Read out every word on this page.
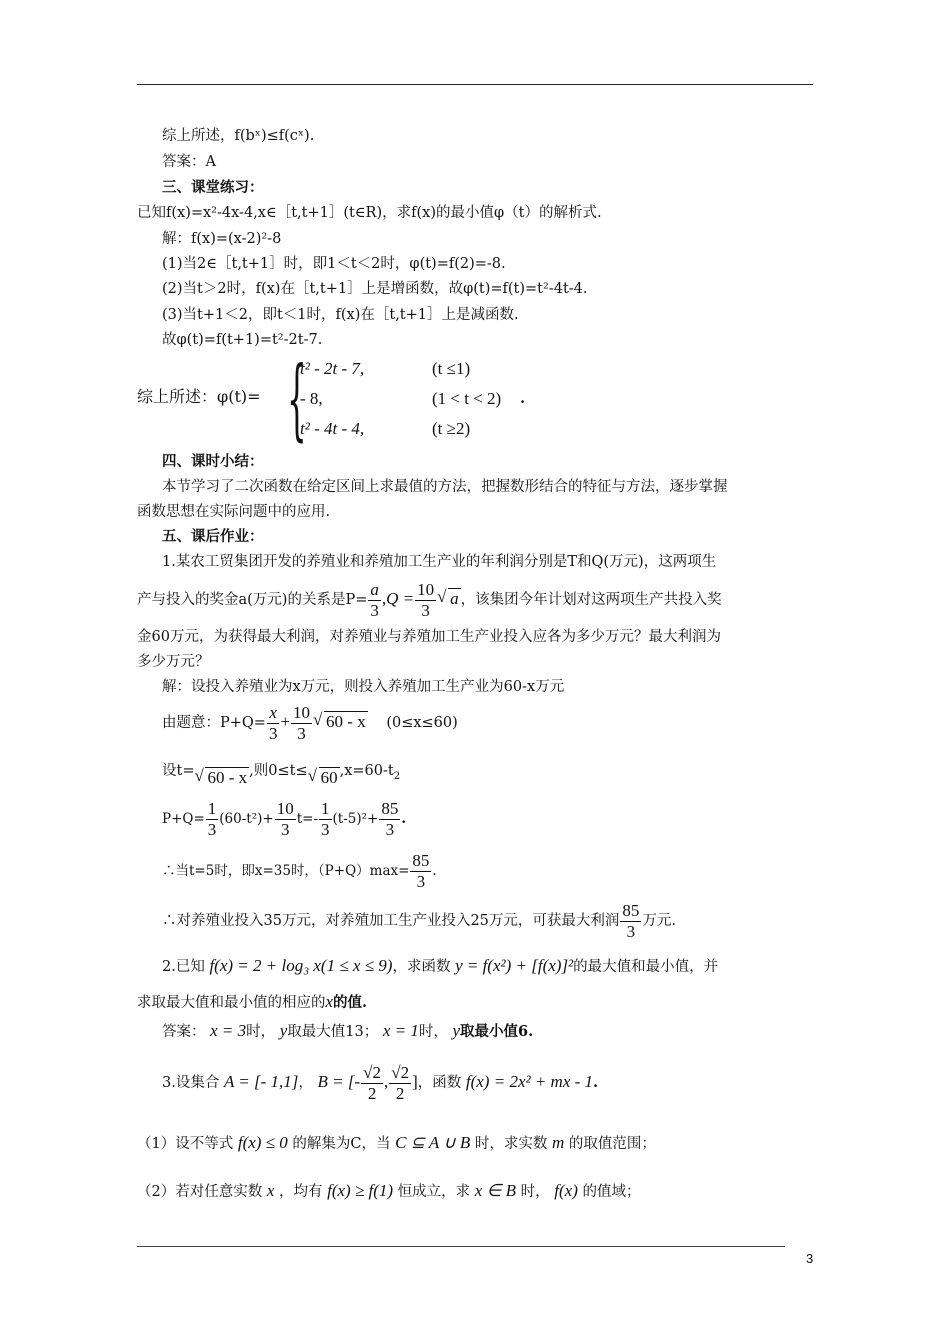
综上所述，f(bˣ)≤f(cˣ).
答案：A
三、课堂练习：
已知f(x)=x²-4x-4,x∈［t,t+1］(t∈R)，求f(x)的最小值φ（t）的解析式.
解：f(x)=(x-2)²-8
(1)当2∈［t,t+1］时，即1＜t＜2时，φ(t)=f(2)=-8.
(2)当t＞2时，f(x)在［t,t+1］上是增函数，故φ(t)=f(t)=t²-4t-4.
(3)当t+1＜2，即t＜1时，f(x)在［t,t+1］上是减函数.
故φ(t)=f(t+1)=t²-2t-7.
综上所述：φ(t)= {
t² - 2t - 7,	(t ≤1)
- 8,	(1 < t < 2) .
t² - 4t - 4,	(t ≥2)
四、课时小结：
本节学习了二次函数在给定区间上求最值的方法，把握数形结合的特征与方法，逐步掌握
函数思想在实际问题中的应用.
五、课后作业：
1.某农工贸集团开发的养殖业和养殖加工生产业的年利润分别是T和Q(万元)，这两项生
产与投入的奖金a(万元)的关系是$P= \frac{a}{3} ,Q = \frac{10}{3}$ √ a ，该集团今年计划对这两项生产共投入奖
金60万元，为获得最大利润，对养殖业与养殖加工生产业投入应各为多少万元？最大利润为
多少万元？
解：设投入养殖业为x万元，则投入养殖加工生产业为60-x万元
由题意：$P+Q= \frac{x}{3} + \frac{10}{3}$ √ 60 - x (0≤x≤60)
设t= √ 60 - x ,则0≤t≤ √ 60 $,x=60-t_2$
$P+Q= \frac{1}{3} (60-t^2)+ \frac{10}{3} t=- \frac{1}{3} (t-5)^2+ \frac{85}{3}$ .
∴当t=5时，即x=35时，$(P+Q)\max= \frac{85}{3}$ .
∴对养殖业投入35万元，对养殖加工生产业投入25万元，可获最大利润 $\frac{85}{3}$ 万元.
2.已知 f(x) = 2 + log₃ x(1 ≤ x ≤ 9)，求函数 y = f(x²) + [f(x)]²的最大值和最小值，并
求取最大值和最小值的相应的x的值.
答案： x = 3时， y取最大值13； x = 1时， y取最小值6.
3.设集合 A = [- 1,1]， B = [- $\frac{√2}{2}$ , $\frac{√2}{2}$ ]，函数 f(x) = 2x² + mx - 1.
（1）设不等式 f(x) ≤ 0 的解集为C，当 C ⊆ A ∪ B 时，求实数 m 的取值范围；
（2）若对任意实数 x ，均有 f(x) ≥ f(1) 恒成立，求 x ∈ B 时， f(x) 的值域；
3
